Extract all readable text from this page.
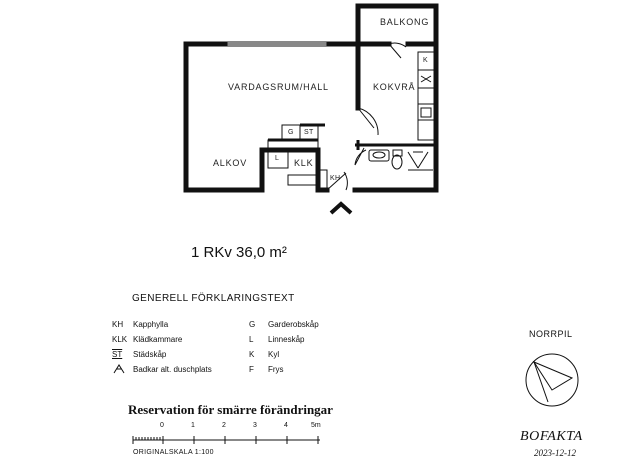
VARDAGSRUM/HALL
ALKOV
KOKVRÅ
BALKONG
G ST
L KLK
KH
K
1 RKv 36,0 m²
GENERELL FÖRKLARINGSTEXT
KH Kapphylla
KLK Klädkammare
ST Städskåp
Badkar alt. duschplats
G Garderobskåp
L Linneskåp
K Kyl
F Frys
Reservation för smärre förändringar
0	1	2	3	4	5m
ORIGINALSKALA 1:100
NORRPIL
BOFAKTA
2023-12-12
